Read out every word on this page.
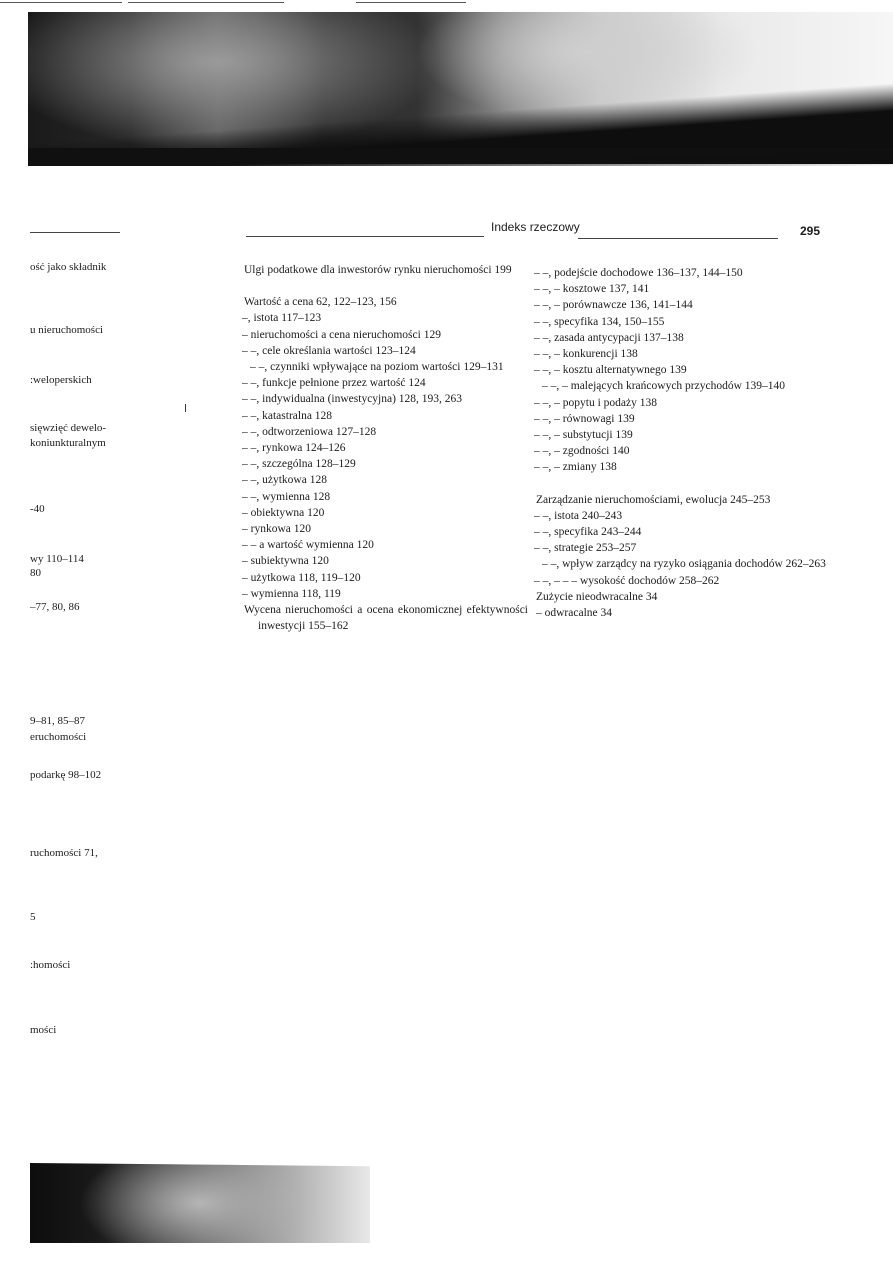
Indeks rzeczowy	295
ość jako składnik
u nieruchomości
:weloperskich
sięwzięć dewelo-
koniunkturalnym
-40
wy 110–114
80
–77, 80, 86
9–81, 85–87
eruchomości
podarkę 98–102
ruchomości 71,
5
:homości
mości
Ulgi podatkowe dla inwestorów rynku nieruchomości 199
Wartość a cena 62, 122–123, 156
–, istota 117–123
– nieruchomości a cena nieruchomości 129
– –, cele określania wartości 123–124
– –, czynniki wpływające na poziom wartości 129–131
– –, funkcje pełnione przez wartość 124
– –, indywidualna (inwestycyjna) 128, 193, 263
– –, katastralna 128
– –, odtworzeniowa 127–128
– –, rynkowa 124–126
– –, szczególna 128–129
– –, użytkowa 128
– –, wymienna 128
– obiektywna 120
– rynkowa 120
– – a wartość wymienna 120
– subiektywna 120
– użytkowa 118, 119–120
– wymienna 118, 119
Wycena nieruchomości a ocena ekonomicznej efektywności inwestycji 155–162
– –, podejście dochodowe 136–137, 144–150
– –, – kosztowe 137, 141
– –, – porównawcze 136, 141–144
– –, specyfika 134, 150–155
– –, zasada antycypacji 137–138
– –, – konkurencji 138
– –, – kosztu alternatywnego 139
– –, – malejących krańcowych przychodów 139–140
– –, – popytu i podaży 138
– –, – równowagi 139
– –, – substytucji 139
– –, – zgodności 140
– –, – zmiany 138
Zarządzanie nieruchomościami, ewolucja 245–253
– –, istota 240–243
– –, specyfika 243–244
– –, strategie 253–257
– –, wpływ zarządcy na ryzyko osiągania dochodów 262–263
– –, – – – wysokość dochodów 258–262
Zużycie nieodwracalne 34
– odwracalne 34
